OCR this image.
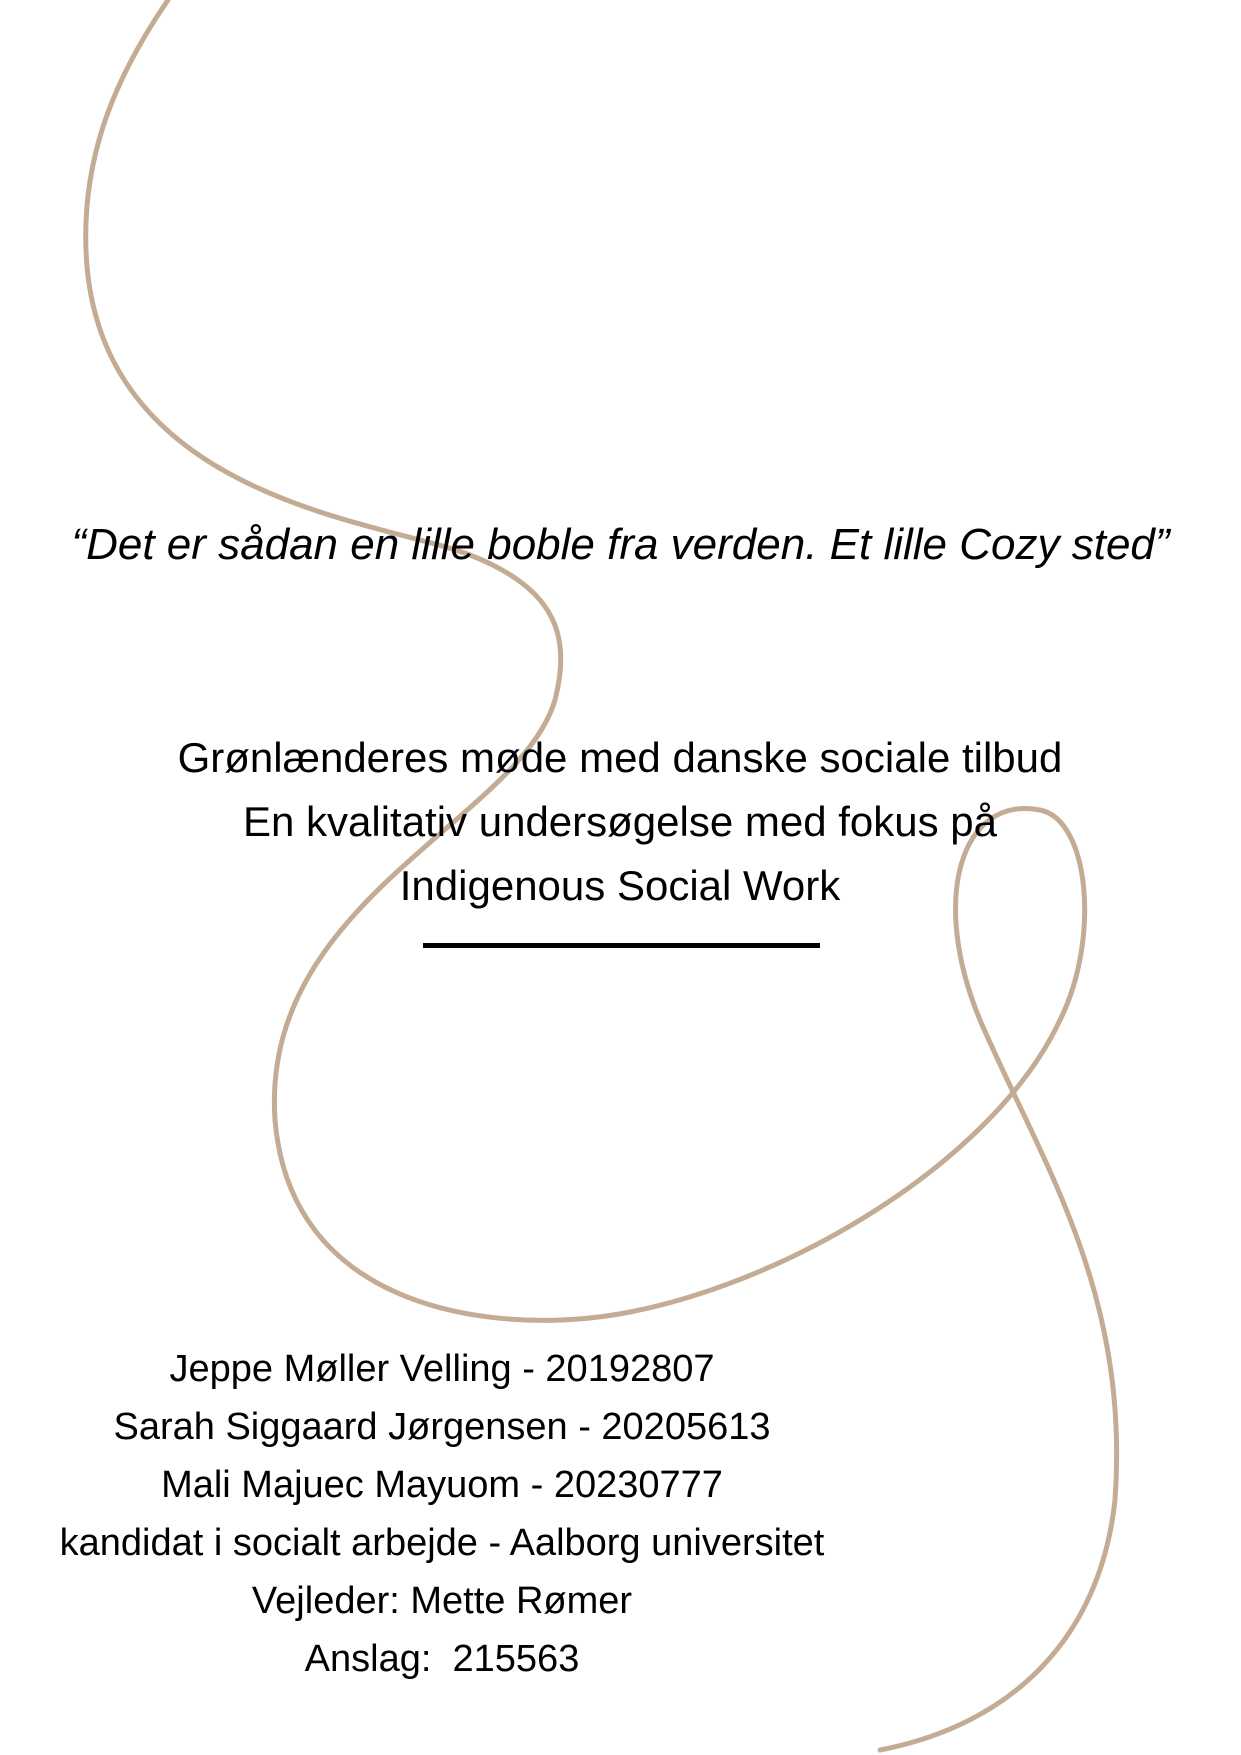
“Det er sådan en lille boble fra verden. Et lille Cozy sted”
Grønlænderes møde med danske sociale tilbud
En kvalitativ undersøgelse med fokus på
Indigenous Social Work
Jeppe Møller Velling - 20192807
Sarah Siggaard Jørgensen - 20205613
Mali Majuec Mayuom - 20230777
kandidat i socialt arbejde - Aalborg universitet
Vejleder: Mette Rømer
Anslag:  215563
